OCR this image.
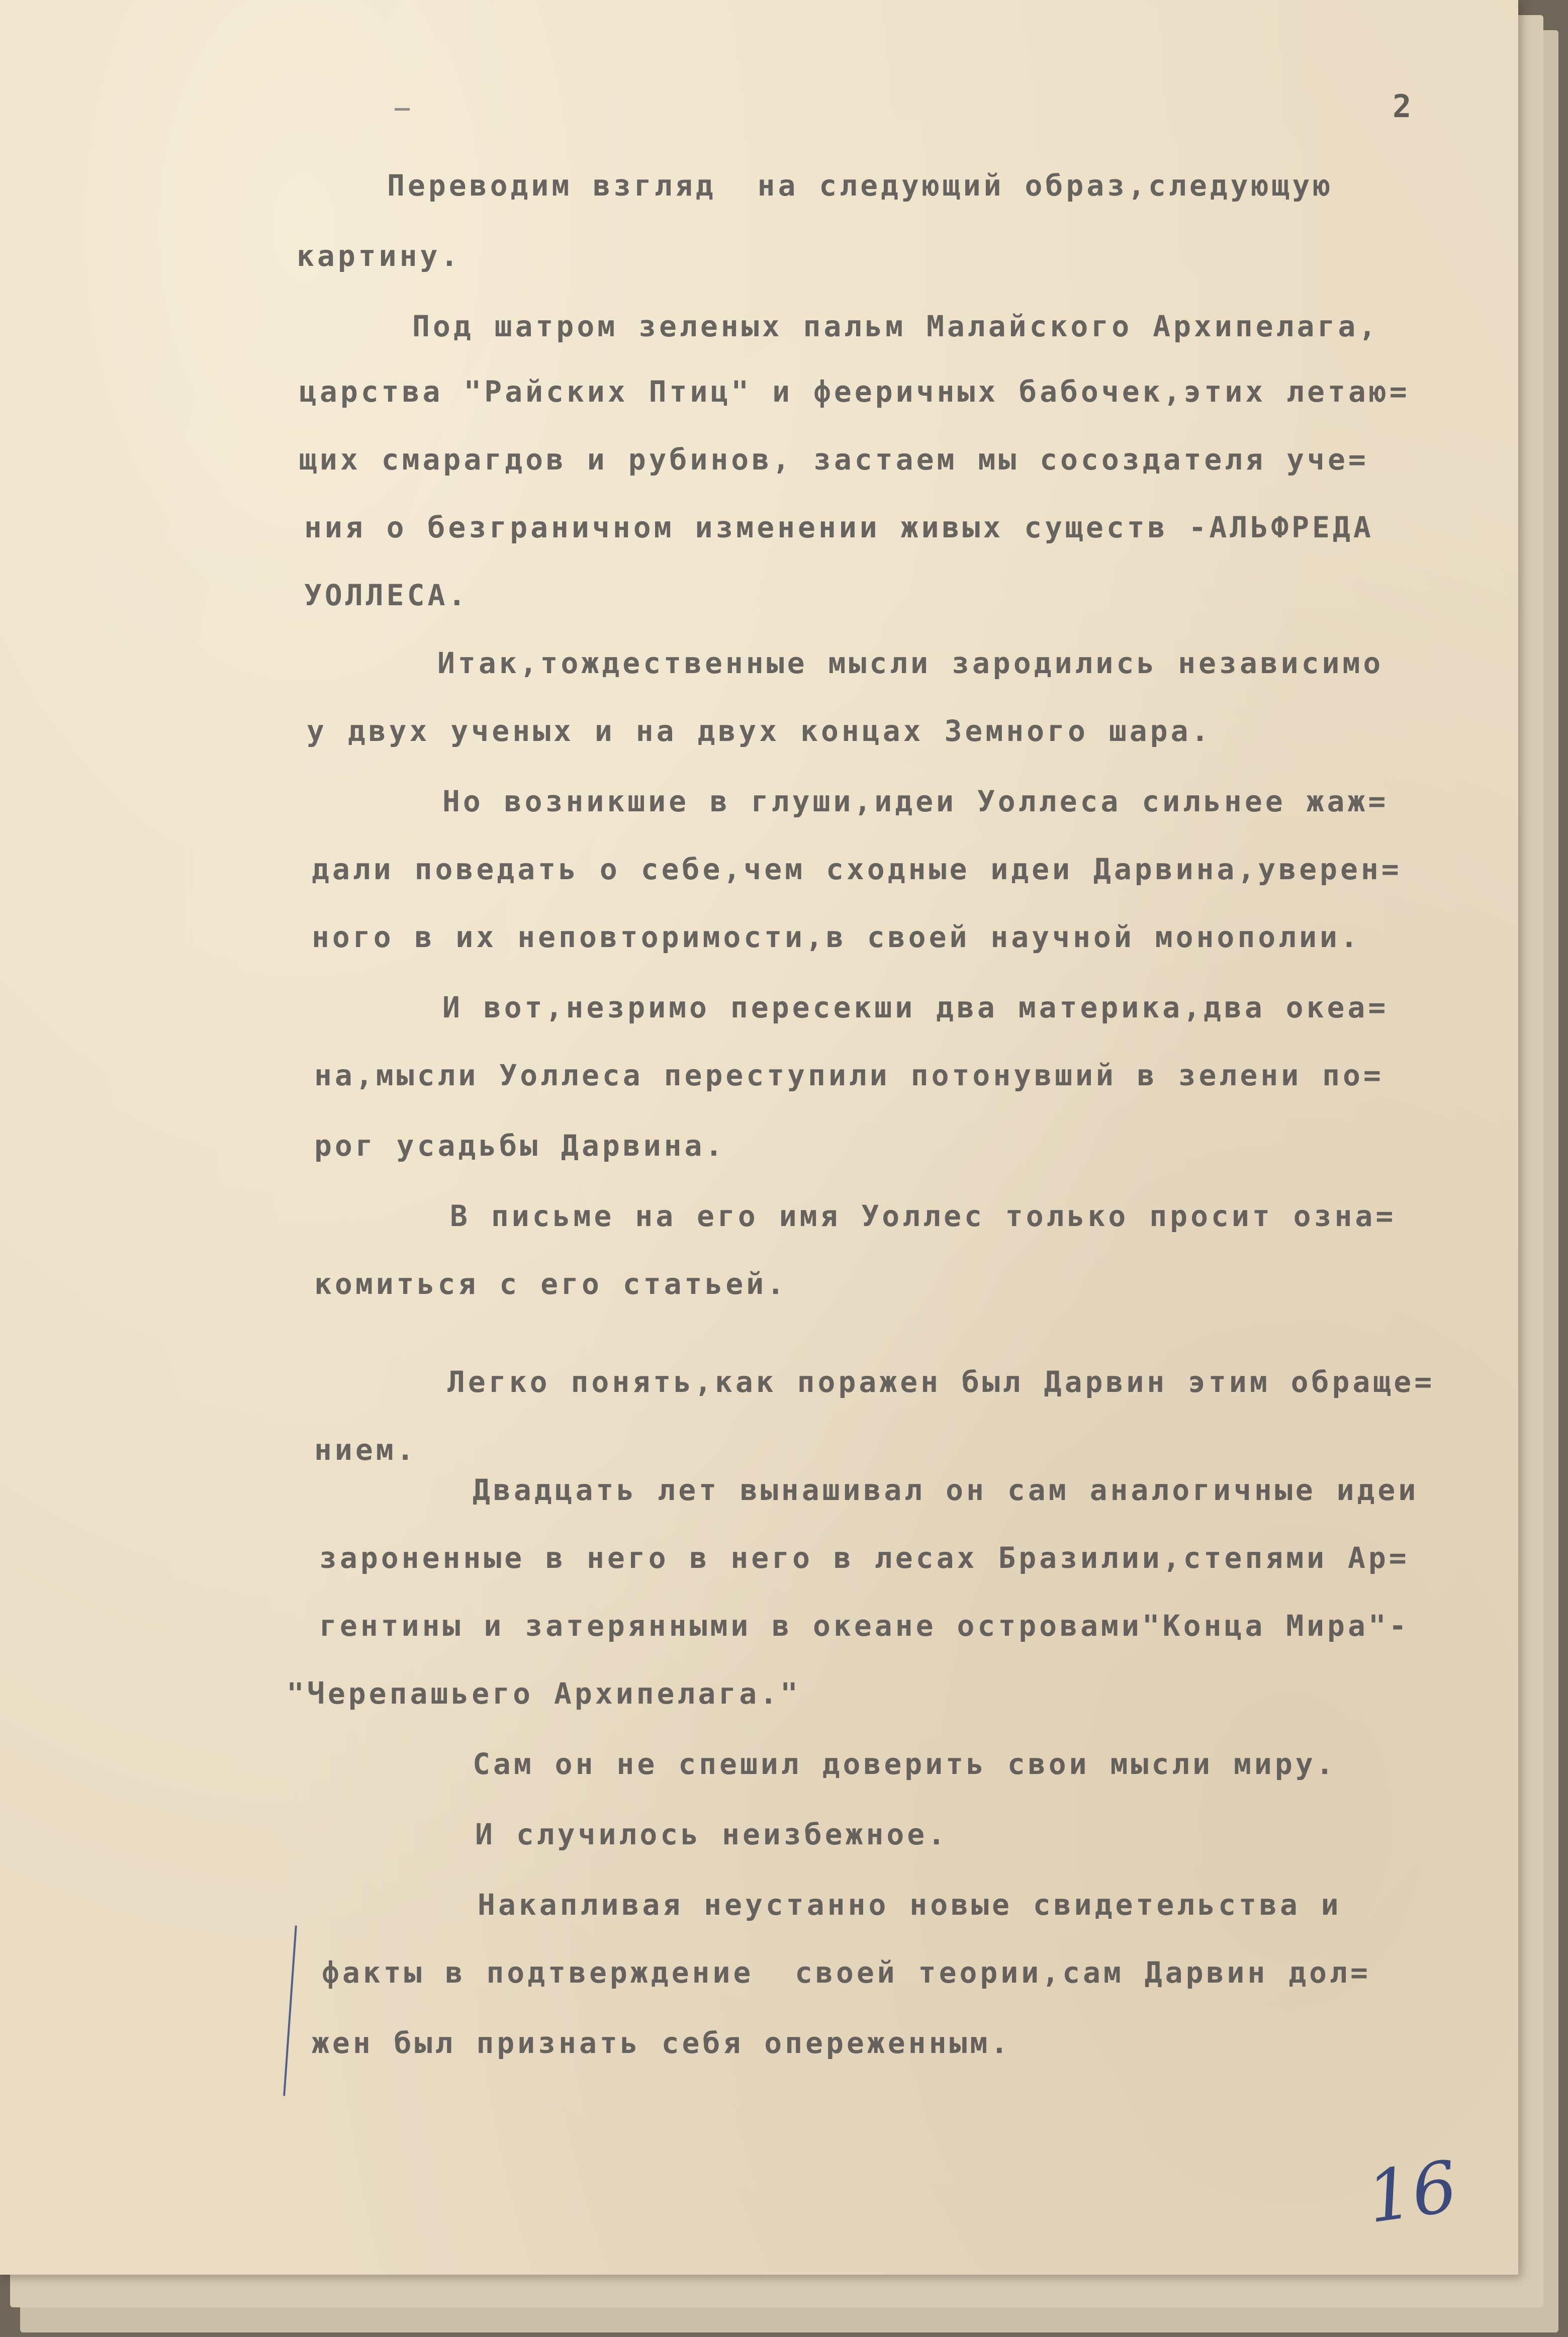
2
Переводим взгляд  на следующий образ,следующую
картину.
Под шатром зеленых пальм Малайского Архипелага,
царства "Райских Птиц" и фееричных бабочек,этих летаю=
щих смарагдов и рубинов, застаем мы сосоздателя уче=
ния о безграничном изменении живых существ -АЛЬФРЕДА
УОЛЛЕСА.
Итак,тождественные мысли зародились независимо
у двух ученых и на двух концах Земного шара.
Но возникшие в глуши,идеи Уоллеса сильнее жаж=
дали поведать о себе,чем сходные идеи Дарвина,уверен=
ного в их неповторимости,в своей научной монополии.
И вот,незримо пересекши два материка,два океа=
на,мысли Уоллеса переступили потонувший в зелени по=
рог усадьбы Дарвина.
В письме на его имя Уоллес только просит озна=
комиться с его статьей.
Легко понять,как поражен был Дарвин этим обраще=
нием.
Двадцать лет вынашивал он сам аналогичные идеи
зароненные в него в него в лесах Бразилии,степями Ар=
гентины и затерянными в океане островами"Конца Мира"-
"Черепашьего Архипелага."
Сам он не спешил доверить свои мысли миру.
И случилось неизбежное.
Накапливая неустанно новые свидетельства и
факты в подтверждение  своей теории,сам Дарвин дол=
жен был признать себя опереженным.
16
